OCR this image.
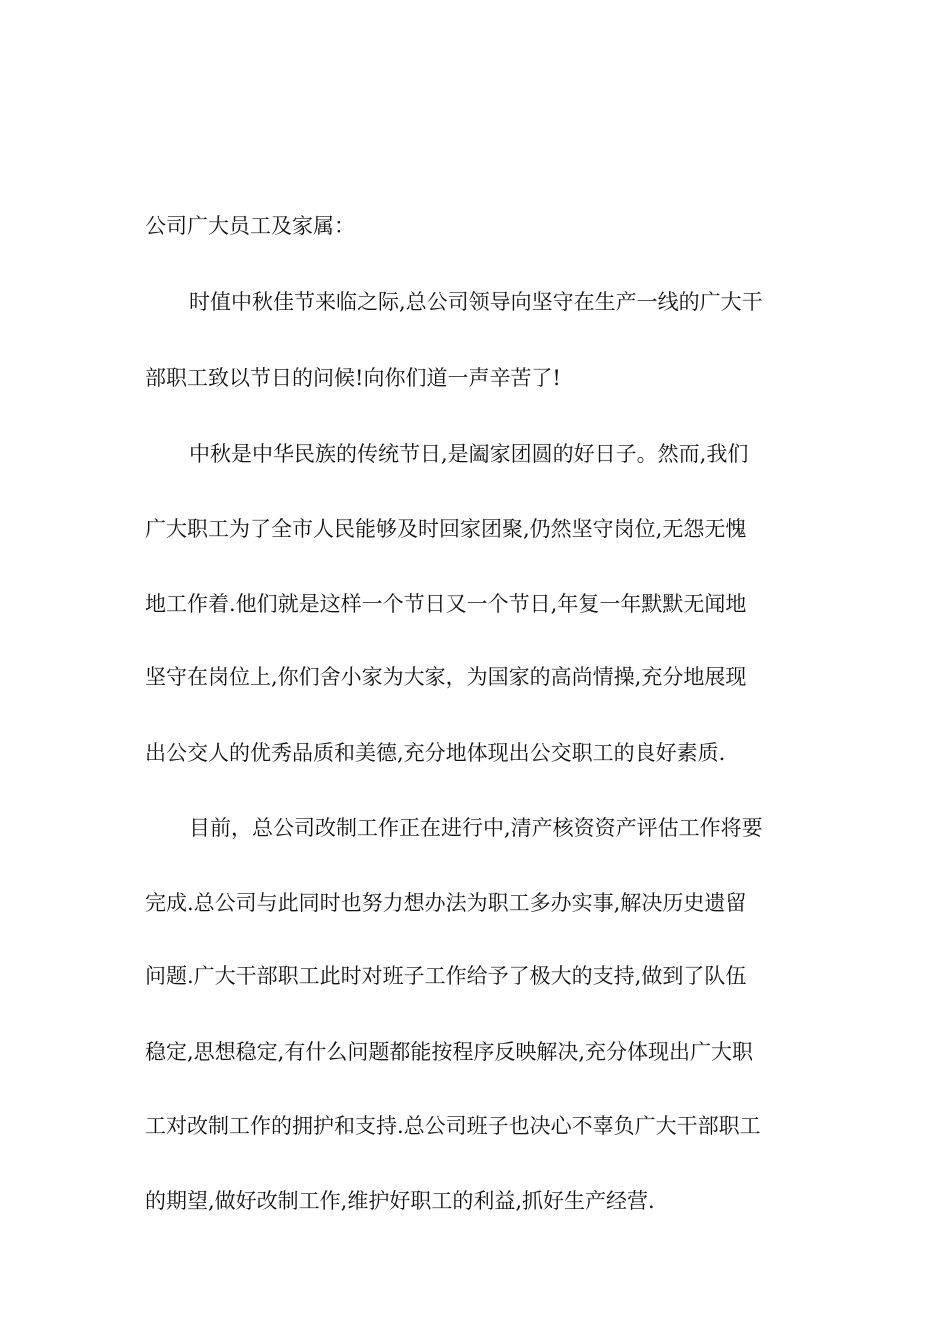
公司广大员工及家属：

时值中秋佳节来临之际,总公司领导向坚守在生产一线的广大干

部职工致以节日的问候!向你们道一声辛苦了!

中秋是中华民族的传统节日,是阖家团圆的好日子。然而,我们

广大职工为了全市人民能够及时回家团聚,仍然坚守岗位,无怨无愧

地工作着.他们就是这样一个节日又一个节日,年复一年默默无闻地

坚守在岗位上,你们舍小家为大家，为国家的高尚情操,充分地展现

出公交人的优秀品质和美德,充分地体现出公交职工的良好素质.

目前，总公司改制工作正在进行中,清产核资资产评估工作将要

完成.总公司与此同时也努力想办法为职工多办实事,解决历史遗留

问题.广大干部职工此时对班子工作给予了极大的支持,做到了队伍

稳定,思想稳定,有什么问题都能按程序反映解决,充分体现出广大职

工对改制工作的拥护和支持.总公司班子也决心不辜负广大干部职工

的期望,做好改制工作,维护好职工的利益,抓好生产经营.
